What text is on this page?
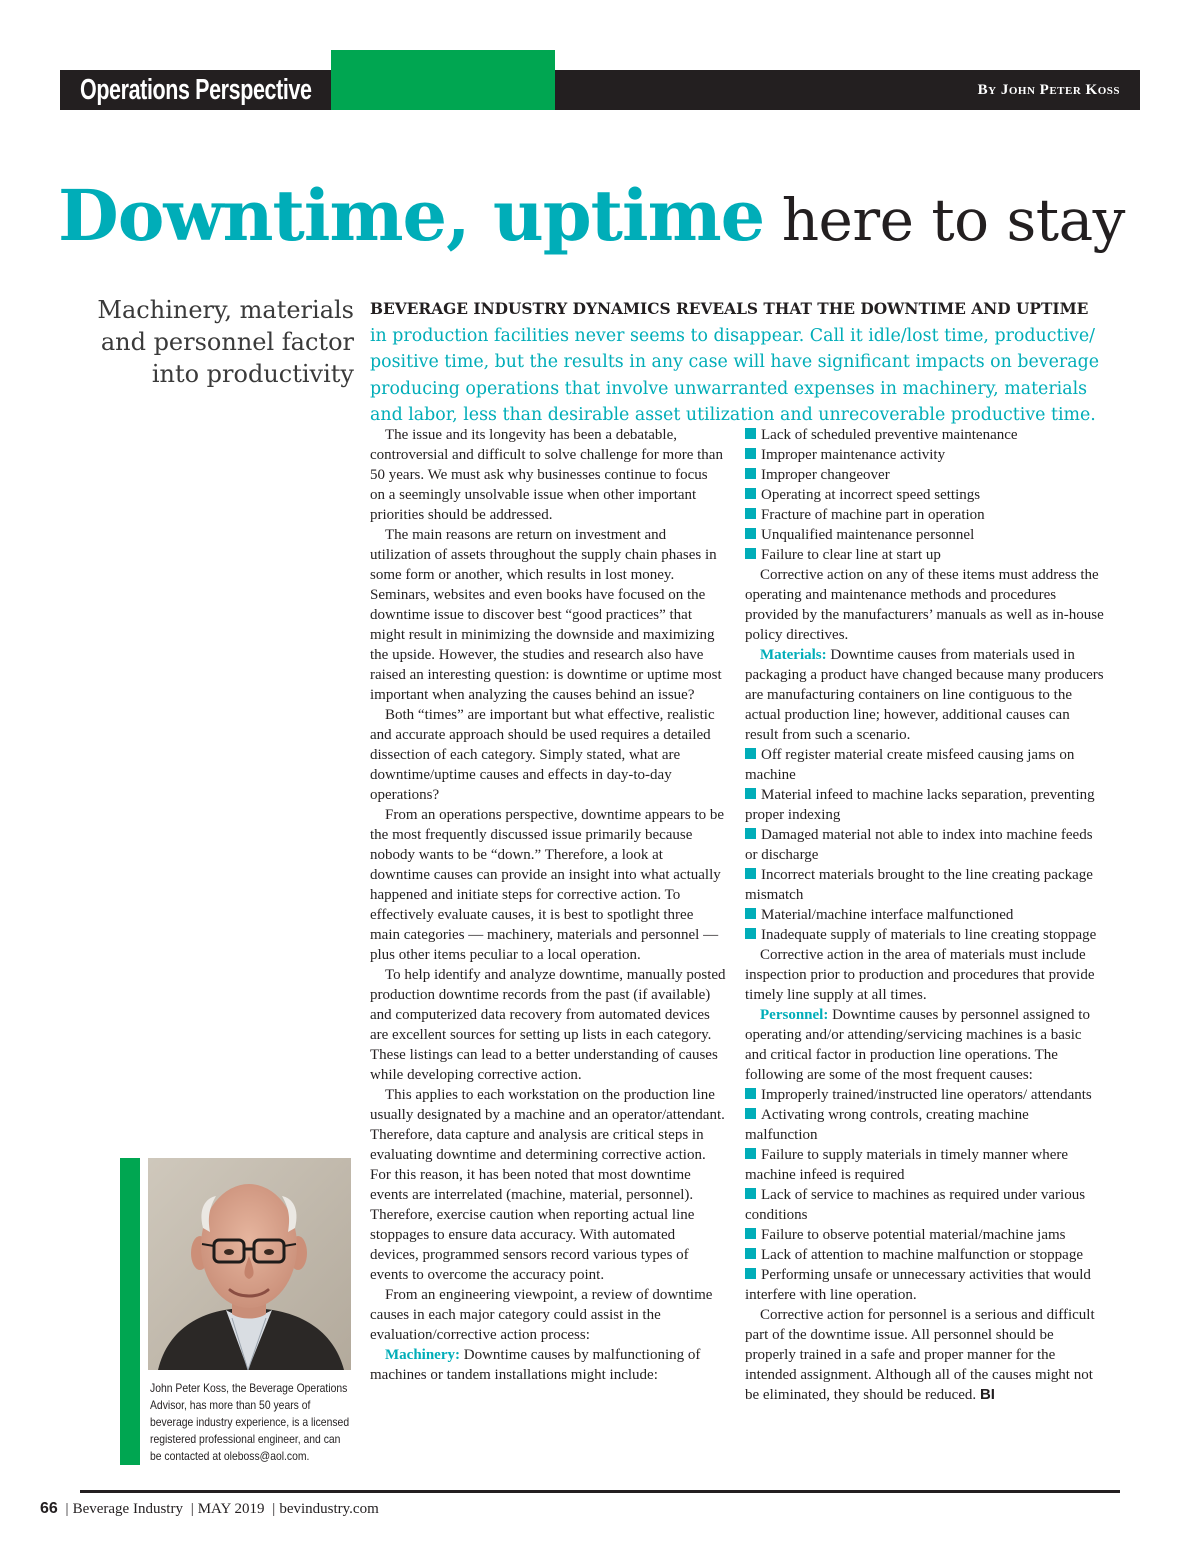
Operations Perspective	By John Peter Koss
Downtime, uptime here to stay
Machinery, materials
and personnel factor
into productivity
BEVERAGE INDUSTRY DYNAMICS REVEALS THAT THE DOWNTIME AND UPTIME in production facilities never seems to disappear. Call it idle/lost time, productive/ positive time, but the results in any case will have significant impacts on beverage producing operations that involve unwarranted expenses in machinery, materials and labor, less than desirable asset utilization and unrecoverable productive time.

The issue and its longevity has been a debatable, controversial and difficult to solve challenge for more than 50 years. We must ask why businesses continue to focus on a seemingly unsolvable issue when other important priorities should be addressed.

The main reasons are return on investment and utilization of assets throughout the supply chain phases in some form or another, which results in lost money. Seminars, websites and even books have focused on the downtime issue to discover best “good practices” that might result in minimizing the downside and maximizing the upside. However, the studies and research also have raised an interesting question: is downtime or uptime most important when analyzing the causes behind an issue?

Both “times” are important but what effective, realistic and accurate approach should be used requires a detailed dissection of each category. Simply stated, what are downtime/uptime causes and effects in day-to-day operations?

From an operations perspective, downtime appears to be the most frequently discussed issue primarily because nobody wants to be “down.” Therefore, a look at downtime causes can provide an insight into what actually happened and initiate steps for corrective action. To effectively evaluate causes, it is best to spotlight three main categories — machinery, materials and personnel — plus other items peculiar to a local operation.

To help identify and analyze downtime, manually posted production downtime records from the past (if available) and computerized data recovery from automated devices are excellent sources for setting up lists in each category. These listings can lead to a better understanding of causes while developing corrective action.

This applies to each workstation on the production line usually designated by a machine and an operator/attendant. Therefore, data capture and analysis are critical steps in evaluating downtime and determining corrective action. For this reason, it has been noted that most downtime events are interrelated (machine, material, personnel). Therefore, exercise caution when reporting actual line stoppages to ensure data accuracy. With automated devices, programmed sensors record various types of events to overcome the accuracy point.

From an engineering viewpoint, a review of downtime causes in each major category could assist in the evaluation/corrective action process:

Machinery: Downtime causes by malfunctioning of machines or tandem installations might include:

Lack of scheduled preventive maintenance

Improper maintenance activity

Improper changeover

Operating at incorrect speed settings

Fracture of machine part in operation

Unqualified maintenance personnel

Failure to clear line at start up

Corrective action on any of these items must address the operating and maintenance methods and procedures provided by the manufacturers’ manuals as well as in-house policy directives.

Materials: Downtime causes from materials used in packaging a product have changed because many producers are manufacturing containers on line contiguous to the actual production line; however, additional causes can result from such a scenario.

Off register material create misfeed causing jams on machine

Material infeed to machine lacks separation, preventing proper indexing

Damaged material not able to index into machine feeds or discharge

Incorrect materials brought to the line creating package mismatch

Material/machine interface malfunctioned

Inadequate supply of materials to line creating stoppage

Corrective action in the area of materials must include inspection prior to production and procedures that provide timely line supply at all times.

Personnel: Downtime causes by personnel assigned to operating and/or attending/servicing machines is a basic and critical factor in production line operations. The following are some of the most frequent causes:

Improperly trained/instructed line operators/ attendants

Activating wrong controls, creating machine malfunction

Failure to supply materials in timely manner where machine infeed is required

Lack of service to machines as required under various conditions

Failure to observe potential material/machine jams

Lack of attention to machine malfunction or stoppage

Performing unsafe or unnecessary activities that would interfere with line operation.

Corrective action for personnel is a serious and difficult part of the downtime issue. All personnel should be properly trained in a safe and proper manner for the intended assignment. Although all of the causes might not be eliminated, they should be reduced. BI

John Peter Koss, the Beverage Operations Advisor, has more than 50 years of beverage industry experience, is a licensed registered professional engineer, and can be contacted at oleboss@aol.com.
66 | Beverage Industry | MAY 2019 | bevindustry.com
